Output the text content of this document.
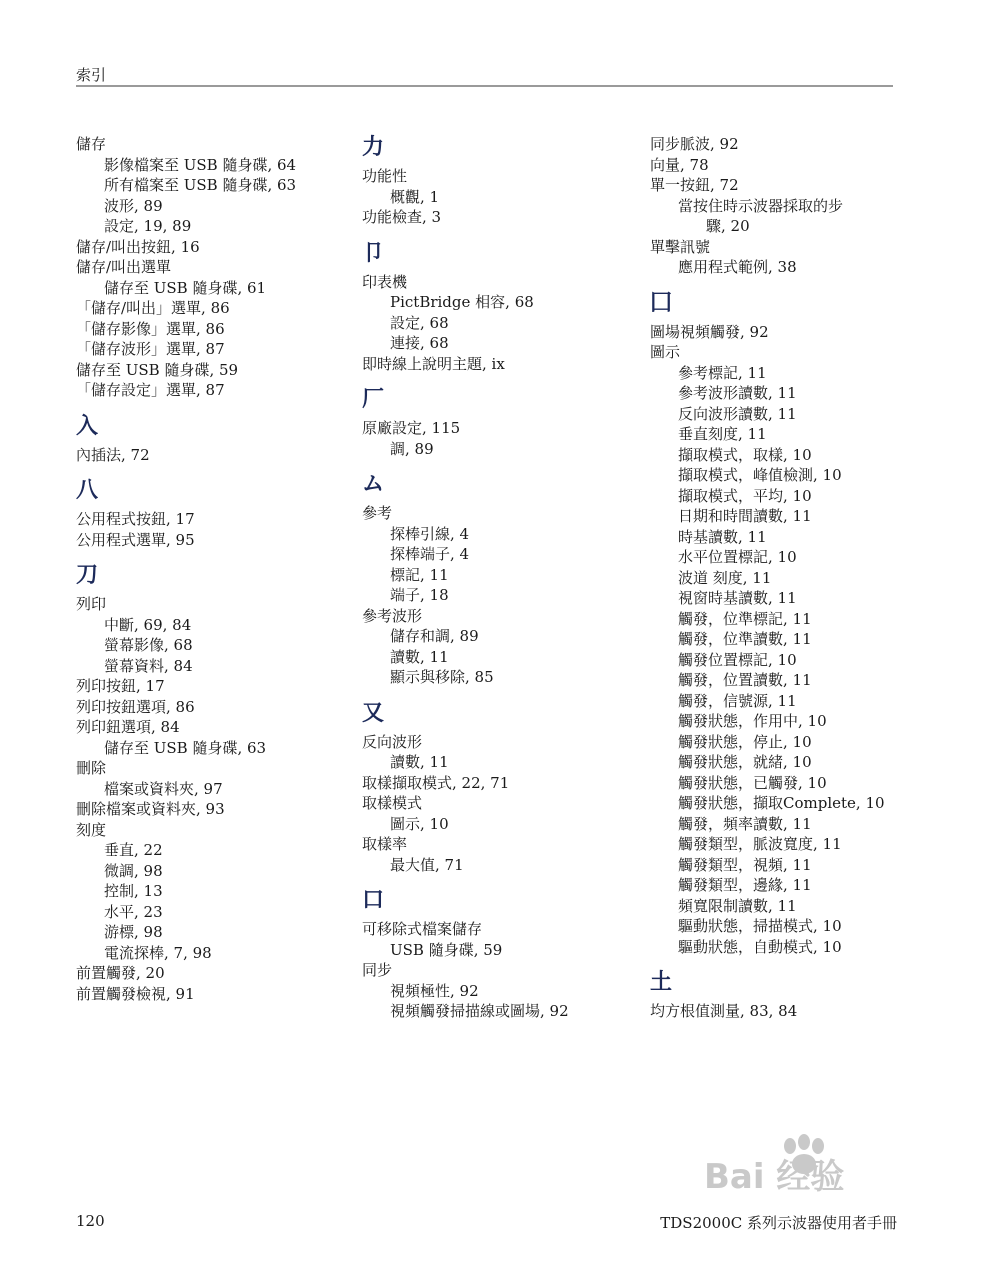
索引
儲存
影像檔案至 USB 隨身碟, 64
所有檔案至 USB 隨身碟, 63
波形, 89
設定, 19, 89
儲存/叫出按鈕, 16
儲存/叫出選單
儲存至 USB 隨身碟, 61
「儲存/叫出」選單, 86
「儲存影像」選單, 86
「儲存波形」選單, 87
儲存至 USB 隨身碟, 59
「儲存設定」選單, 87
入
內插法, 72
八
公用程式按鈕, 17
公用程式選單, 95
刀
列印
中斷, 69, 84
螢幕影像, 68
螢幕資料, 84
列印按鈕, 17
列印按鈕選項, 86
列印鈕選項, 84
儲存至 USB 隨身碟, 63
刪除
檔案或資料夾, 97
刪除檔案或資料夾, 93
刻度
垂直, 22
微調, 98
控制, 13
水平, 23
游標, 98
電流探棒, 7, 98
前置觸發, 20
前置觸發檢視, 91
力
功能性
概觀, 1
功能檢查, 3
卩
印表機
PictBridge 相容, 68
設定, 68
連接, 68
即時線上說明主題, ix
厂
原廠設定, 115
調, 89
ム
參考
探棒引線, 4
探棒端子, 4
標記, 11
端子, 18
參考波形
儲存和調, 89
讀數, 11
顯示與移除, 85
又
反向波形
讀數, 11
取樣擷取模式, 22, 71
取樣模式
圖示, 10
取樣率
最大值, 71
口
可移除式檔案儲存
USB 隨身碟, 59
同步
視頻極性, 92
視頻觸發掃描線或圖場, 92
同步脈波, 92
向量, 78
單一按鈕, 72
當按住時示波器採取的步
驟, 20
單擊訊號
應用程式範例, 38
囗
圖場視頻觸發, 92
圖示
參考標記, 11
參考波形讀數, 11
反向波形讀數, 11
垂直刻度, 11
擷取模式，取樣, 10
擷取模式，峰值檢測, 10
擷取模式，平均, 10
日期和時間讀數, 11
時基讀數, 11
水平位置標記, 10
波道 刻度, 11
視窗時基讀數, 11
觸發，位準標記, 11
觸發，位準讀數, 11
觸發位置標記, 10
觸發，位置讀數, 11
觸發，信號源, 11
觸發狀態，作用中, 10
觸發狀態，停止, 10
觸發狀態，就緒, 10
觸發狀態，已觸發, 10
觸發狀態，擷取Complete, 10
觸發，頻率讀數, 11
觸發類型，脈波寬度, 11
觸發類型，視頻, 11
觸發類型，邊緣, 11
頻寬限制讀數, 11
驅動狀態，掃描模式, 10
驅動狀態，自動模式, 10
土
均方根值測量, 83, 84
Bai 经验
120	TDS2000C 系列示波器使用者手冊
